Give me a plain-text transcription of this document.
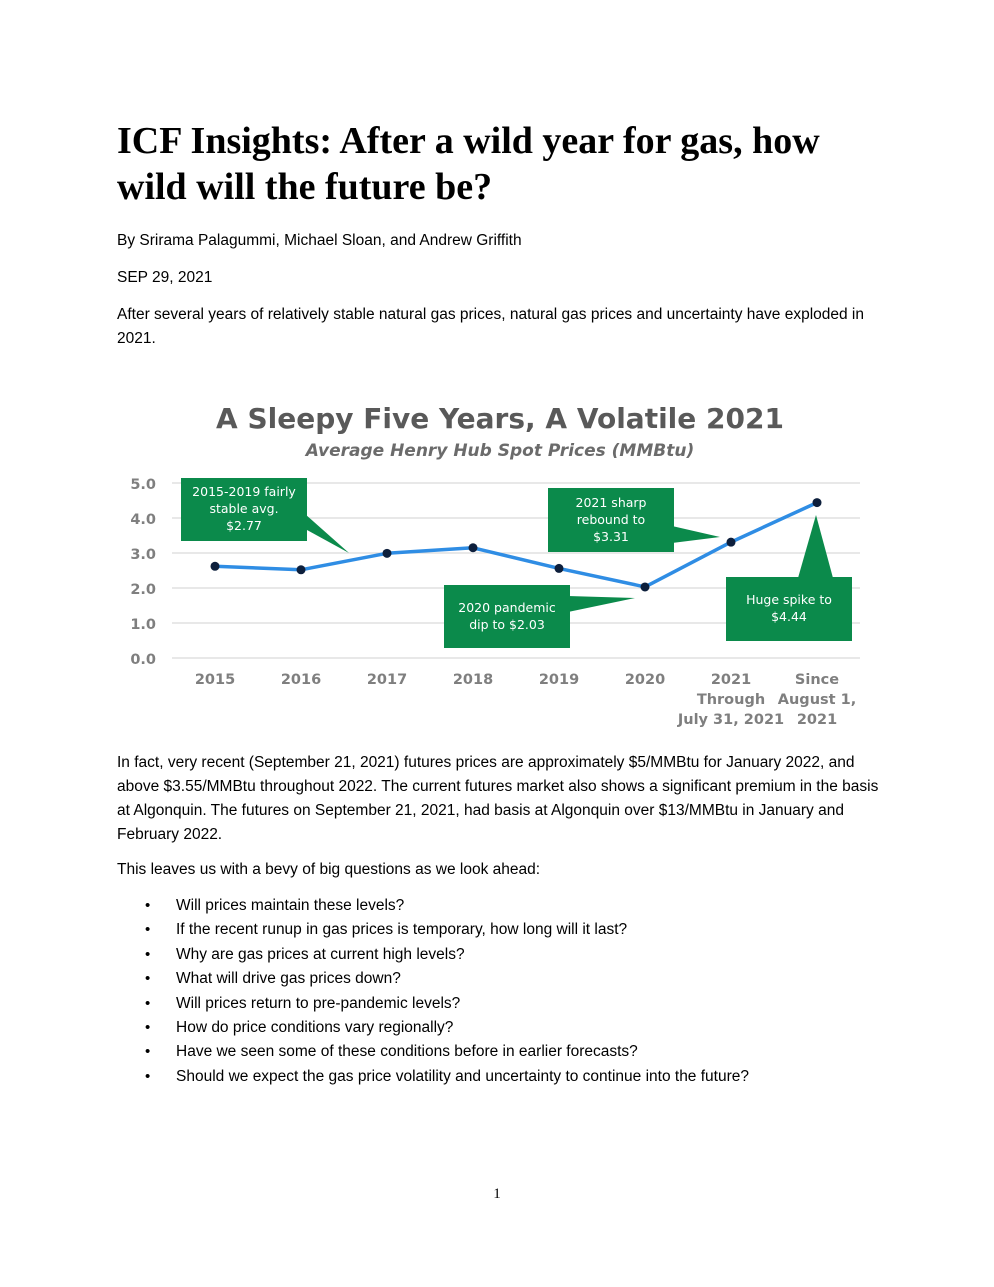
ICF Insights: After a wild year for gas, how wild will the future be?

By Srirama Palagummi, Michael Sloan, and Andrew Griffith

SEP 29, 2021

After several years of relatively stable natural gas prices, natural gas prices and uncertainty have exploded in 2021.

A Sleepy Five Years, A Volatile 2021
Average Henry Hub Spot Prices (MMBtu)
5.0
4.0
3.0
2.0
1.0
0.0
2015	2016	2017	2018	2019	2020	2021
Through
July 31, 2021
Since
August 1,
2021
2015-2019 fairly
stable avg.
$2.77
2020 pandemic
dip to $2.03
2021 sharp
rebound to
$3.31
Huge spike to
$4.44

In fact, very recent (September 21, 2021) futures prices are approximately $5/MMBtu for January 2022, and above $3.55/MMBtu throughout 2022. The current futures market also shows a significant premium in the basis at Algonquin. The futures on September 21, 2021, had basis at Algonquin over $13/MMBtu in January and February 2022.

This leaves us with a bevy of big questions as we look ahead:

• Will prices maintain these levels?
• If the recent runup in gas prices is temporary, how long will it last?
• Why are gas prices at current high levels?
• What will drive gas prices down?
• Will prices return to pre-pandemic levels?
• How do price conditions vary regionally?
• Have we seen some of these conditions before in earlier forecasts?
• Should we expect the gas price volatility and uncertainty to continue into the future?
1
